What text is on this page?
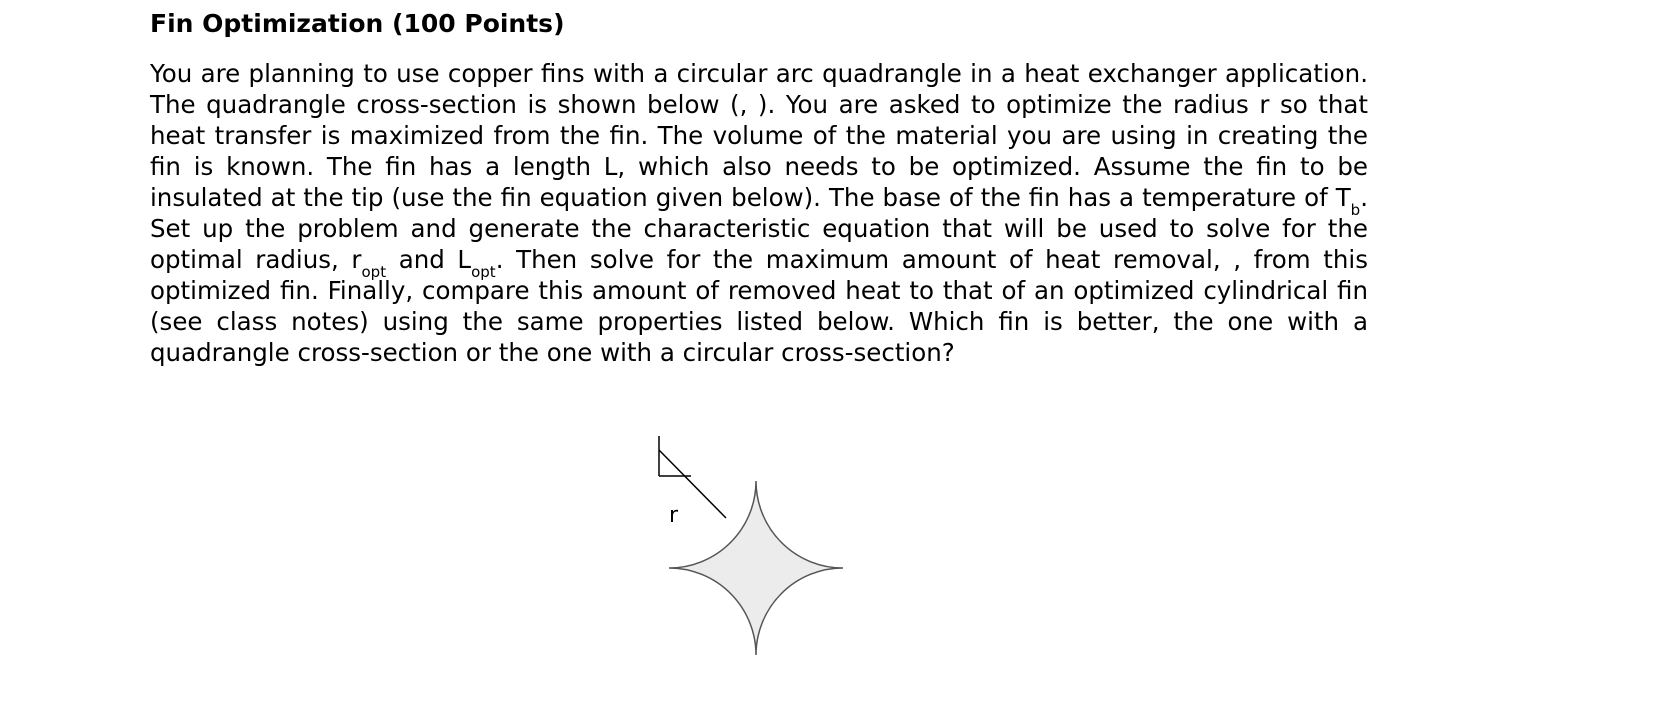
Fin Optimization (100 Points)

You are planning to use copper fins with a circular arc quadrangle in a heat exchanger application. The quadrangle cross-section is shown below (, ). You are asked to optimize the radius r so that heat transfer is maximized from the fin. The volume of the material you are using in creating the fin is known. The fin has a length L, which also needs to be optimized. Assume the fin to be insulated at the tip (use the fin equation given below). The base of the fin has a temperature of $T_b$. Set up the problem and generate the characteristic equation that will be used to solve for the optimal radius, $r_{opt}$ and $L_{opt}$. Then solve for the maximum amount of heat removal, , from this optimized fin. Finally, compare this amount of removed heat to that of an optimized cylindrical fin (see class notes) using the same properties listed below. Which fin is better, the one with a quadrangle cross-section or the one with a circular cross-section?

r
